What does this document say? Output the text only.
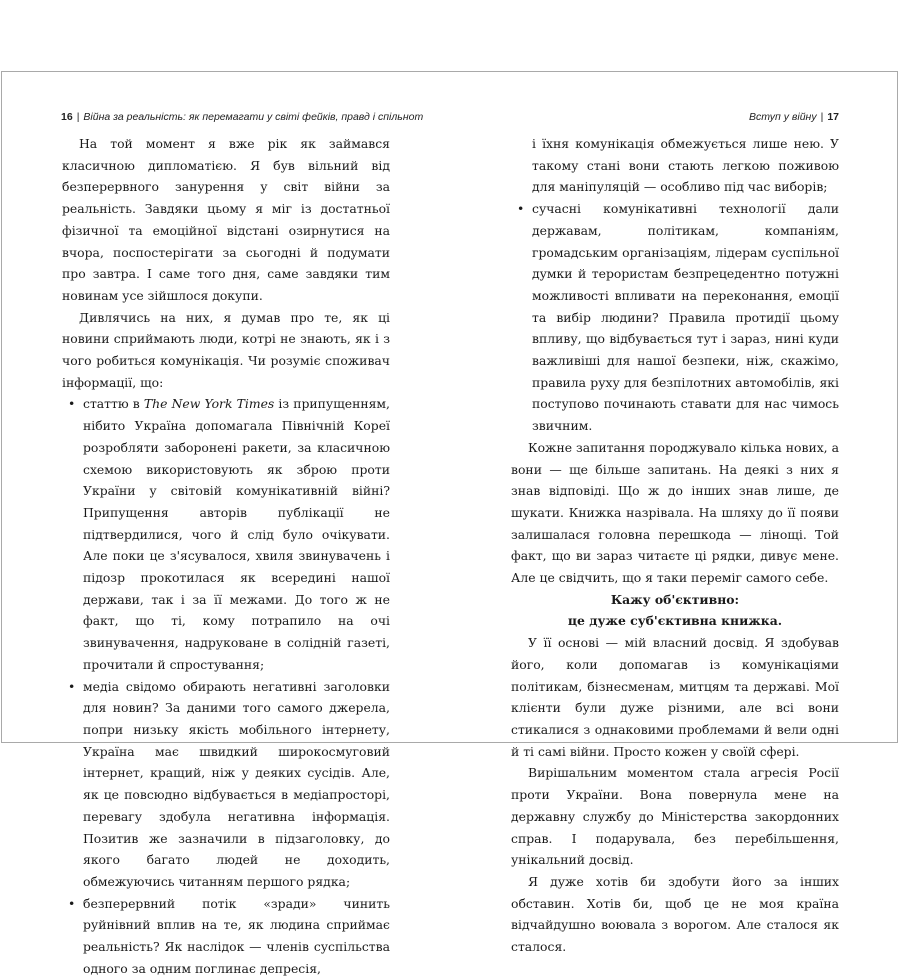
16 | Війна за реальність: як перемагати у світі фейків, правд і спільнот	Вступ у війну | 17

На той момент я вже рік як займався класичною дипломатією. Я був вільний від безперервного занурення у світ війни за реальність. Завдяки цьому я міг із достатньої фізичної та емоційної відстані озирнутися на вчора, поспостерігати за сьогодні й подумати про завтра. І саме того дня, саме завдяки тим новинам усе зійшлося докупи.

Дивлячись на них, я думав про те, як ці новини сприймають люди, котрі не знають, як і з чого робиться комунікація. Чи розуміє споживач інформації, що:

• статтю в The New York Times із припущенням, нібито Україна допомагала Північній Кореї розробляти заборонені ракети, за класичною схемою використовують як зброю проти України у світовій комунікативній війні? Припущення авторів публікації не підтвердилися, чого й слід було очікувати. Але поки це з'ясувалося, хвиля звинувачень і підозр прокотилася як всередині нашої держави, так і за її межами. До того ж не факт, що ті, кому потрапило на очі звинувачення, надруковане в солідній газеті, прочитали й спростування;
• медіа свідомо обирають негативні заголовки для новин? За даними того самого джерела, попри низьку якість мобільного інтернету, Україна має швидкий широкосмуговий інтернет, кращий, ніж у деяких сусідів. Але, як це повсюдно відбувається в медіапросторі, перевагу здобула негативна інформація. Позитив же зазначили в підзаголовку, до якого багато людей не доходить, обмежуючись читанням першого рядка;
• безперервний потік «зради» чинить руйнівний вплив на те, як людина сприймає реальність? Як наслідок — членів суспільства одного за одним поглинає депресія,
і їхня комунікація обмежується лише нею. У такому стані вони стають легкою поживою для маніпуляцій — особливо під час виборів;
• сучасні комунікативні технології дали державам, політикам, компаніям, громадським організаціям, лідерам суспільної думки й терористам безпрецедентно потужні можливості впливати на переконання, емоції та вибір людини? Правила протидії цьому впливу, що відбувається тут і зараз, нині куди важливіші для нашої безпеки, ніж, скажімо, правила руху для безпілотних автомобілів, які поступово починають ставати для нас чимось звичним.

Кожне запитання породжувало кілька нових, а вони — ще більше запитань. На деякі з них я знав відповіді. Що ж до інших знав лише, де шукати. Книжка назрівала. На шляху до її появи залишалася головна перешкода — лінощі. Той факт, що ви зараз читаєте ці рядки, дивує мене. Але це свідчить, що я таки переміг самого себе.

Кажу об'єктивно:

це дуже суб'єктивна книжка.

У її основі — мій власний досвід. Я здобував його, коли допомагав із комунікаціями політикам, бізнесменам, митцям та державі. Мої клієнти були дуже різними, але всі вони стикалися з однаковими проблемами й вели одні й ті самі війни. Просто кожен у своїй сфері.

Вирішальним моментом стала агресія Росії проти України. Вона повернула мене на державну службу до Міністерства закордонних справ. І подарувала, без перебільшення, унікальний досвід.

Я дуже хотів би здобути його за інших обставин. Хотів би, щоб це не моя країна відчайдушно воювала з ворогом. Але сталося як сталося.
